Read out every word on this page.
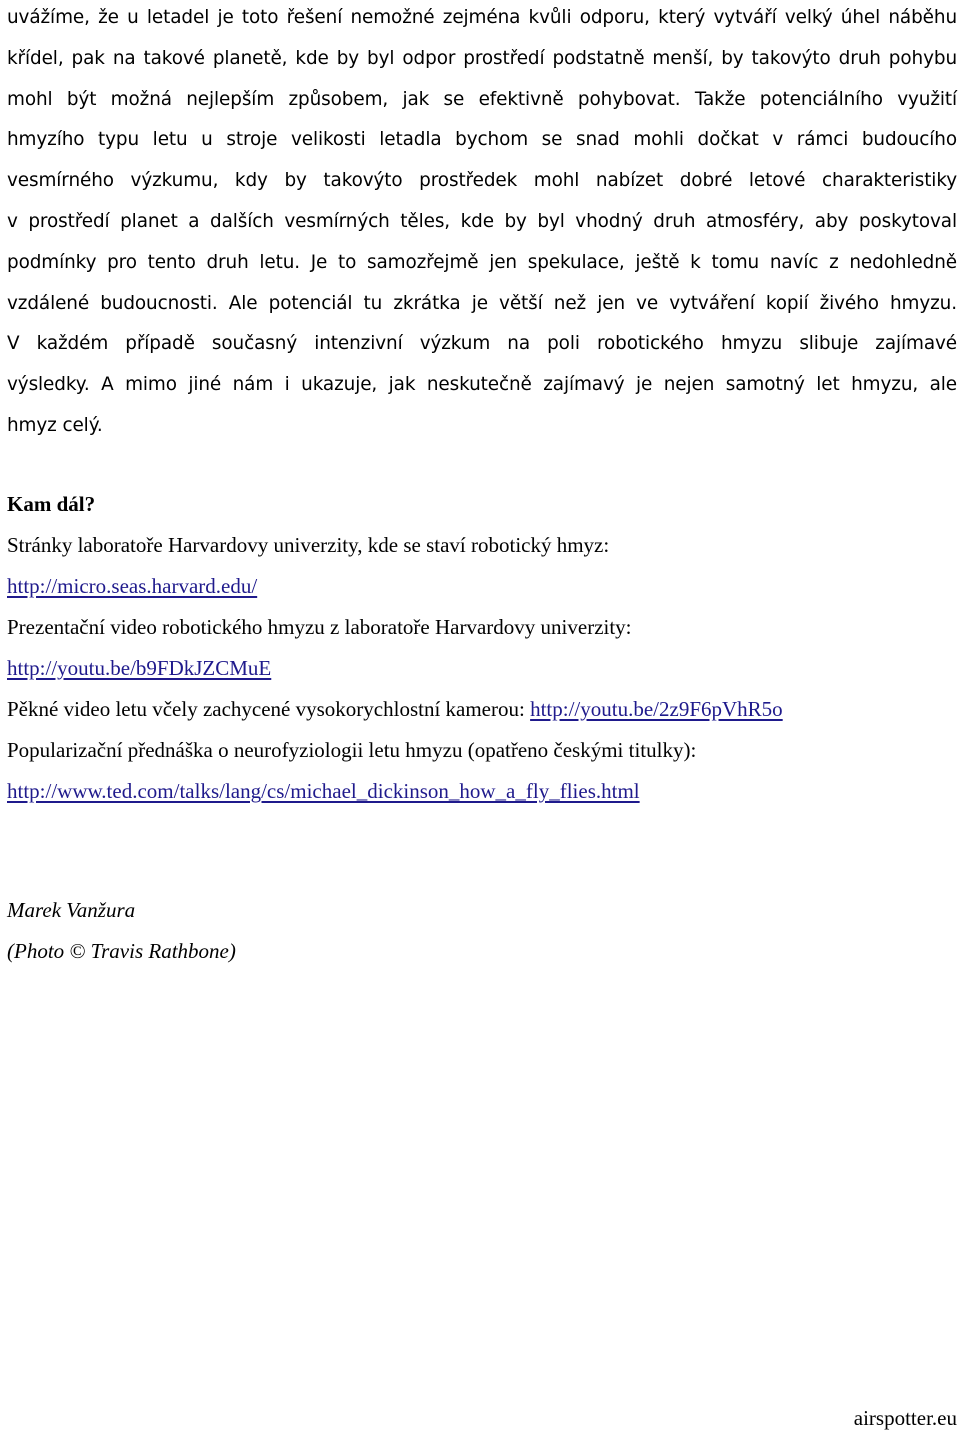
uvážíme, že u letadel je toto řešení nemožné zejména kvůli odporu, který vytváří velký úhel náběhu
křídel, pak na takové planetě, kde by byl odpor prostředí podstatně menší, by takovýto druh pohybu
mohl být možná nejlepším způsobem, jak se efektivně pohybovat. Takže potenciálního využití
hmyzího typu letu u stroje velikosti letadla bychom se snad mohli dočkat v rámci budoucího
vesmírného výzkumu, kdy by takovýto prostředek mohl nabízet dobré letové charakteristiky
v prostředí planet a dalších vesmírných těles, kde by byl vhodný druh atmosféry, aby poskytoval
podmínky pro tento druh letu. Je to samozřejmě jen spekulace, ještě k tomu navíc z nedohledně
vzdálené budoucnosti. Ale potenciál tu zkrátka je větší než jen ve vytváření kopií živého hmyzu.
V každém případě současný intenzivní výzkum na poli robotického hmyzu slibuje zajímavé
výsledky. A mimo jiné nám i ukazuje, jak neskutečně zajímavý je nejen samotný let hmyzu, ale
hmyz celý.

Kam dál?

Stránky laboratoře Harvardovy univerzity, kde se staví robotický hmyz:

http://micro.seas.harvard.edu/

Prezentační video robotického hmyzu z laboratoře Harvardovy univerzity:

http://youtu.be/b9FDkJZCMuE

Pěkné video letu včely zachycené vysokorychlostní kamerou: http://youtu.be/2z9F6pVhR5o

Popularizační přednáška o neurofyziologii letu hmyzu (opatřeno českými titulky):

http://www.ted.com/talks/lang/cs/michael_dickinson_how_a_fly_flies.html

Marek Vanžura

(Photo © Travis Rathbone)

airspotter.eu
